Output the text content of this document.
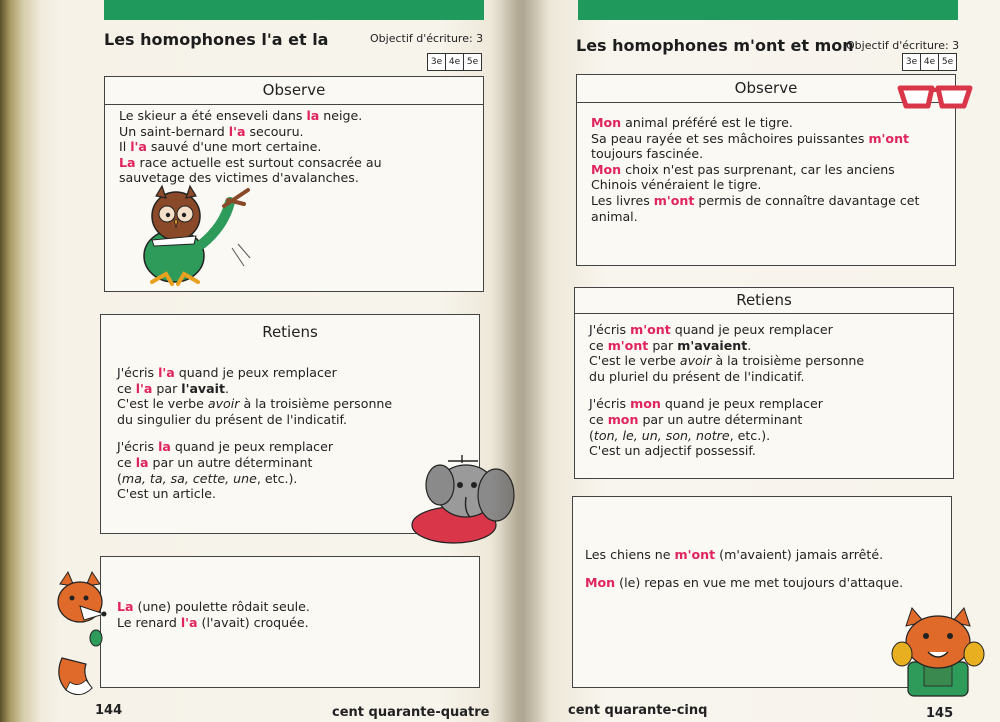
Les homophones l'a et la	Objectif d'écriture: 3
3e 4e 5e
Observe

Le skieur a été enseveli dans la neige.

Un saint-bernard l'a secouru.

Il l'a sauvé d'une mort certaine.

La race actuelle est surtout consacrée au

sauvetage des victimes d'avalanches.

Retiens

J'écris l'a quand je peux remplacer

ce l'a par l'avait.

C'est le verbe avoir à la troisième personne

du singulier du présent de l'indicatif.

J'écris la quand je peux remplacer

ce la par un autre déterminant

(ma, ta, sa, cette, une, etc.).

C'est un article.

La (une) poulette rôdait seule.

Le renard l'a (l'avait) croquée.

144	cent quarante-quatre
Les homophones m'ont et mon
Objectif d'écriture: 3
3e 4e 5e
Observe

Mon animal préféré est le tigre.

Sa peau rayée et ses mâchoires puissantes m'ont

toujours fascinée.

Mon choix n'est pas surprenant, car les anciens

Chinois vénéraient le tigre.

Les livres m'ont permis de connaître davantage cet

animal.

Retiens

J'écris m'ont quand je peux remplacer

ce m'ont par m'avaient.

C'est le verbe avoir à la troisième personne

du pluriel du présent de l'indicatif.

J'écris mon quand je peux remplacer

ce mon par un autre déterminant

(ton, le, un, son, notre, etc.).

C'est un adjectif possessif.

Les chiens ne m'ont (m'avaient) jamais arrêté.

Mon (le) repas en vue me met toujours d'attaque.

cent quarante-cinq	145
